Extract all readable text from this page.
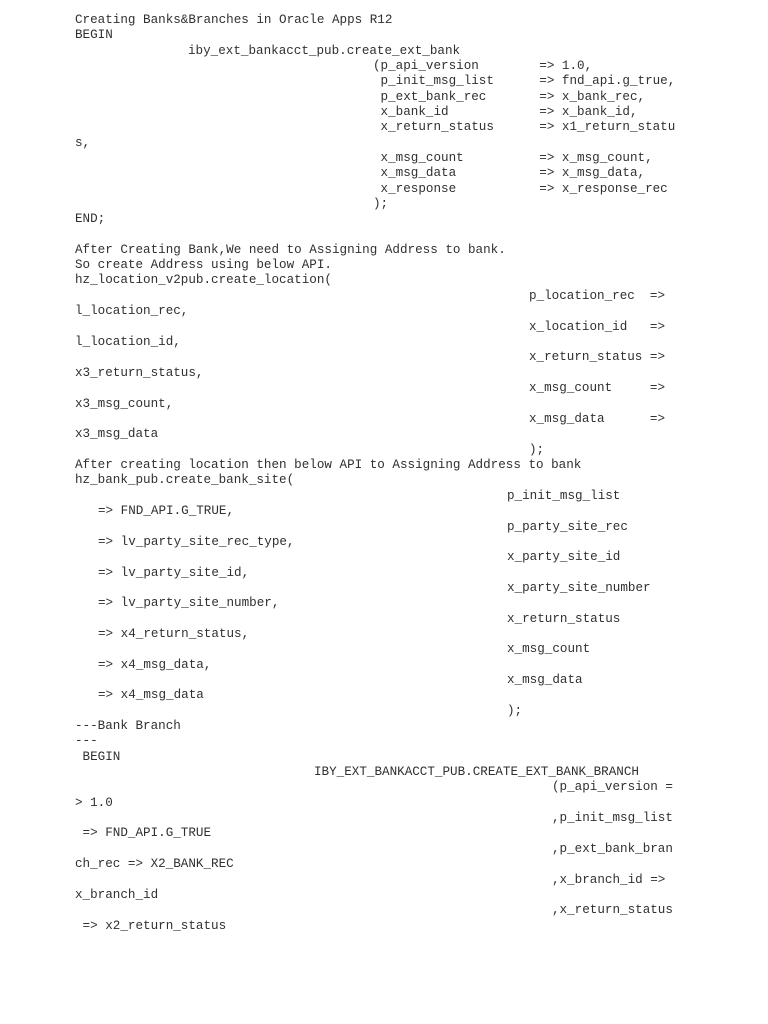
Creating Banks&Branches in Oracle Apps R12

BEGIN

iby_ext_bankacct_pub.create_ext_bank

(p_api_version        => 1.0,

p_init_msg_list      => fnd_api.g_true,

p_ext_bank_rec       => x_bank_rec,

x_bank_id            => x_bank_id,

x_return_status      => x1_return_statu

s,

x_msg_count          => x_msg_count,

x_msg_data           => x_msg_data,

x_response           => x_response_rec

);

END;

After Creating Bank,We need to Assigning Address to bank.

So create Address using below API.

hz_location_v2pub.create_location(

p_location_rec  =>

l_location_rec,

x_location_id   =>

l_location_id,

x_return_status =>

x3_return_status,

x_msg_count     =>

x3_msg_count,

x_msg_data      =>

x3_msg_data

);

After creating location then below API to Assigning Address to bank

hz_bank_pub.create_bank_site(

p_init_msg_list

=> FND_API.G_TRUE,

p_party_site_rec

=> lv_party_site_rec_type,

x_party_site_id

=> lv_party_site_id,

x_party_site_number

=> lv_party_site_number,

x_return_status

=> x4_return_status,

x_msg_count

=> x4_msg_data,

x_msg_data

=> x4_msg_data

);

---Bank Branch

---

BEGIN

IBY_EXT_BANKACCT_PUB.CREATE_EXT_BANK_BRANCH

(p_api_version =

> 1.0

,p_init_msg_list

=> FND_API.G_TRUE

,p_ext_bank_bran

ch_rec => X2_BANK_REC

,x_branch_id =>

x_branch_id

,x_return_status

=> x2_return_status
